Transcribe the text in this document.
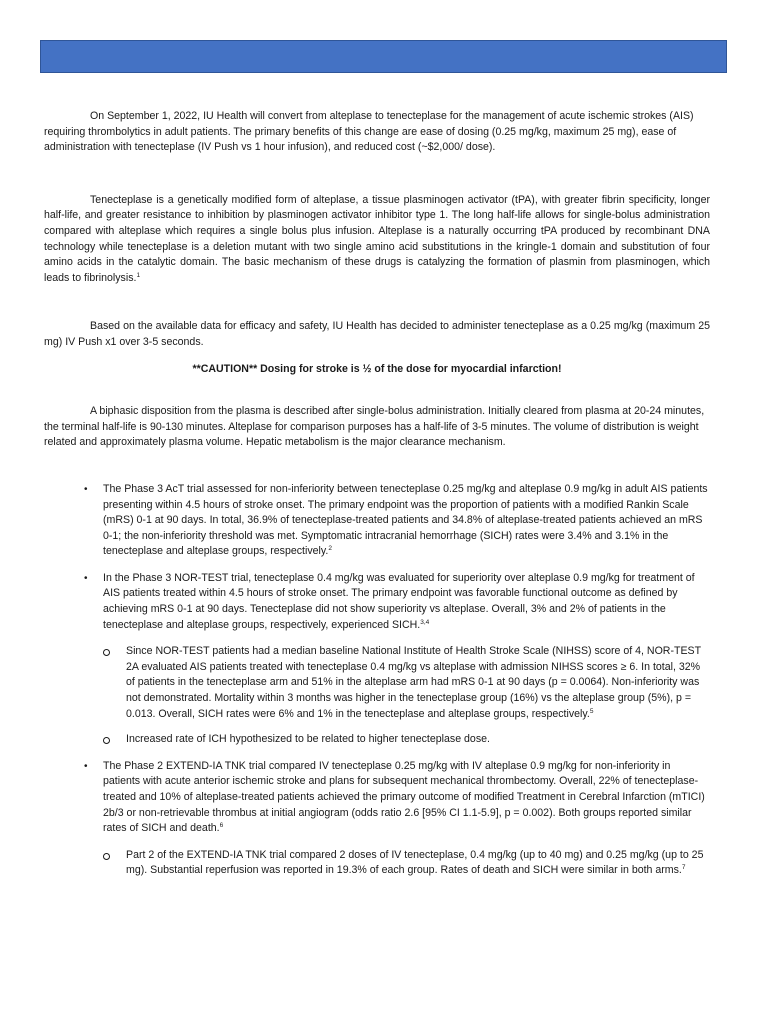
On September 1, 2022, IU Health will convert from alteplase to tenecteplase for the management of acute ischemic strokes (AIS) requiring thrombolytics in adult patients. The primary benefits of this change are ease of dosing (0.25 mg/kg, maximum 25 mg), ease of administration with tenecteplase (IV Push vs 1 hour infusion), and reduced cost (~$2,000/ dose).

Tenecteplase is a genetically modified form of alteplase, a tissue plasminogen activator (tPA), with greater fibrin specificity, longer half-life, and greater resistance to inhibition by plasminogen activator inhibitor type 1. The long half-life allows for single-bolus administration compared with alteplase which requires a single bolus plus infusion. Alteplase is a naturally occurring tPA produced by recombinant DNA technology while tenecteplase is a deletion mutant with two single amino acid substitutions in the kringle-1 domain and substitution of four amino acids in the catalytic domain. The basic mechanism of these drugs is catalyzing the formation of plasmin from plasminogen, which leads to fibrinolysis.$^1$

Based on the available data for efficacy and safety, IU Health has decided to administer tenecteplase as a 0.25 mg/kg (maximum 25 mg) IV Push x1 over 3-5 seconds.

**CAUTION** Dosing for stroke is ½ of the dose for myocardial infarction!

A biphasic disposition from the plasma is described after single-bolus administration. Initially cleared from plasma at 20-24 minutes, the terminal half-life is 90-130 minutes. Alteplase for comparison purposes has a half-life of 3-5 minutes. The volume of distribution is weight related and approximately plasma volume. Hepatic metabolism is the major clearance mechanism.

• The Phase 3 AcT trial assessed for non-inferiority between tenecteplase 0.25 mg/kg and alteplase 0.9 mg/kg in adult AIS patients presenting within 4.5 hours of stroke onset. The primary endpoint was the proportion of patients with a modified Rankin Scale (mRS) 0-1 at 90 days. In total, 36.9% of tenecteplase-treated patients and 34.8% of alteplase-treated patients achieved an mRS 0-1; the non-inferiority threshold was met. Symptomatic intracranial hemorrhage (SICH) rates were 3.4% and 3.1% in the tenecteplase and alteplase groups, respectively.$^2$
• In the Phase 3 NOR-TEST trial, tenecteplase 0.4 mg/kg was evaluated for superiority over alteplase 0.9 mg/kg for treatment of AIS patients treated within 4.5 hours of stroke onset. The primary endpoint was favorable functional outcome as defined by achieving mRS 0-1 at 90 days. Tenecteplase did not show superiority vs alteplase. Overall, 3% and 2% of patients in the tenecteplase and alteplase groups, respectively, experienced SICH.$^{3,4}$
Since NOR-TEST patients had a median baseline National Institute of Health Stroke Scale (NIHSS) score of 4, NOR-TEST 2A evaluated AIS patients treated with tenecteplase 0.4 mg/kg vs alteplase with admission NIHSS scores ≥ 6. In total, 32% of patients in the tenecteplase arm and 51% in the alteplase arm had mRS 0-1 at 90 days (p = 0.0064). Non-inferiority was not demonstrated. Mortality within 3 months was higher in the tenecteplase group (16%) vs the alteplase group (5%), p = 0.013. Overall, SICH rates were 6% and 1% in the tenecteplase and alteplase groups, respectively.$^5$
Increased rate of ICH hypothesized to be related to higher tenecteplase dose.
• The Phase 2 EXTEND-IA TNK trial compared IV tenecteplase 0.25 mg/kg with IV alteplase 0.9 mg/kg for non-inferiority in patients with acute anterior ischemic stroke and plans for subsequent mechanical thrombectomy. Overall, 22% of tenecteplase-treated and 10% of alteplase-treated patients achieved the primary outcome of modified Treatment in Cerebral Infarction (mTICI) 2b/3 or non-retrievable thrombus at initial angiogram (odds ratio 2.6 [95% CI 1.1-5.9], p = 0.002). Both groups reported similar rates of SICH and death.$^6$
Part 2 of the EXTEND-IA TNK trial compared 2 doses of IV tenecteplase, 0.4 mg/kg (up to 40 mg) and 0.25 mg/kg (up to 25 mg). Substantial reperfusion was reported in 19.3% of each group. Rates of death and SICH were similar in both arms.$^7$
